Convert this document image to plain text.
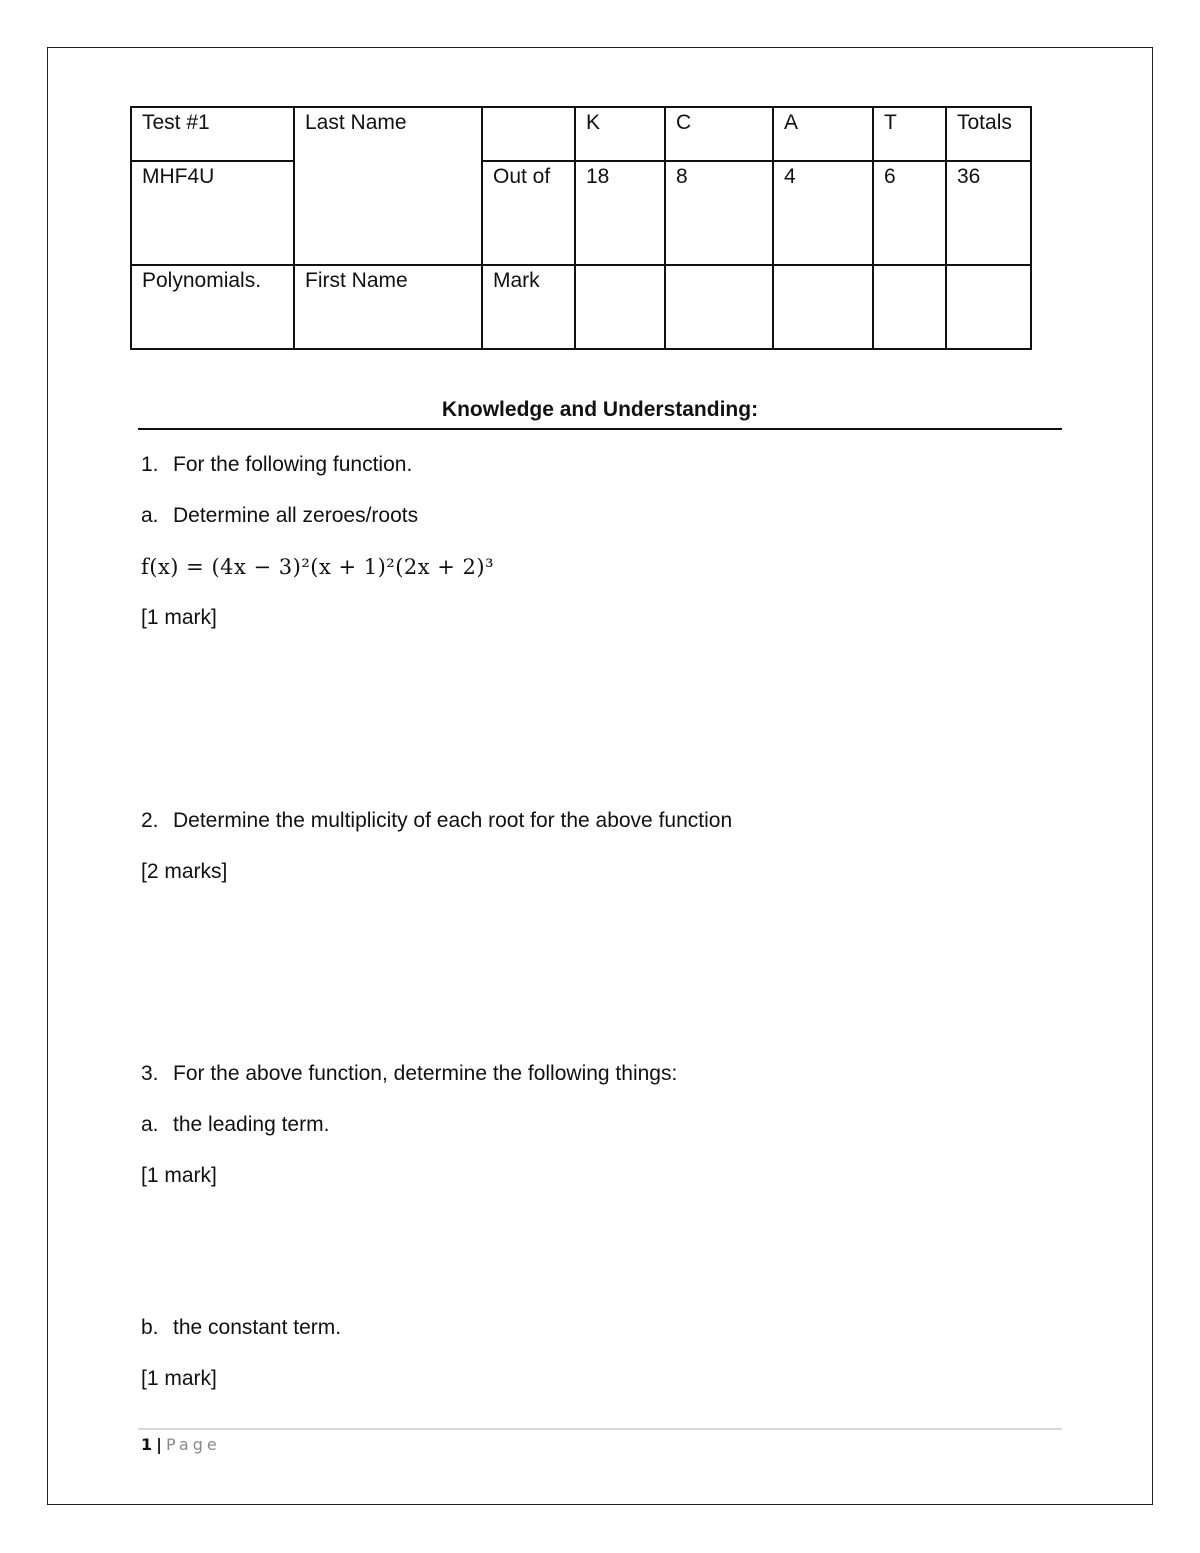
Test #1	Last Name		K	C	A	T	Totals
MHF4U		Out of	18	8	4	6	36
Polynomials.	First Name	Mark					
Knowledge and Understanding:
1. For the following function.
a. Determine all zeroes/roots
f(x) = (4x − 3)²(x + 1)²(2x + 2)³
[1 mark]
2. Determine the multiplicity of each root for the above function
[2 marks]
3. For the above function, determine the following things:
a. the leading term.
[1 mark]
b. the constant term.
[1 mark]
1 | Page
